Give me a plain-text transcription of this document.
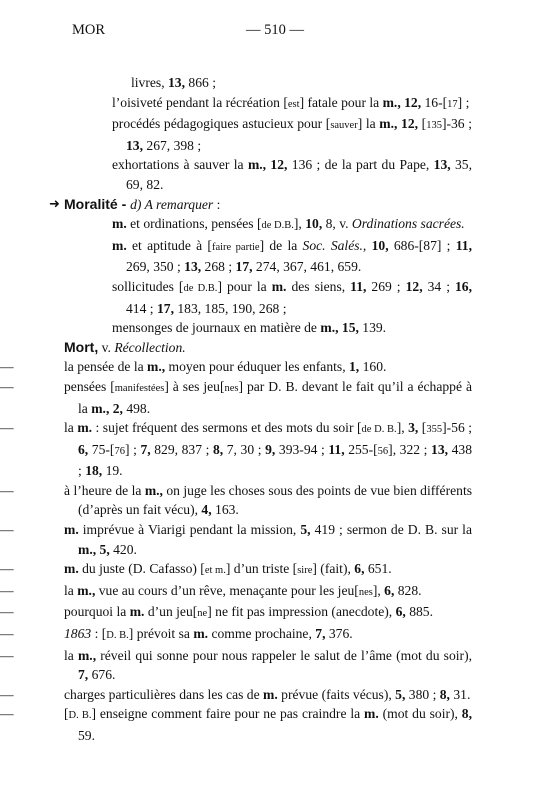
MOR	— 510 —
livres, 13, 866 ;
l’oisiveté pendant la récréation [est] fatale pour la m., 12, 16-[17] ;
procédés pédagogiques astucieux pour [sauver] la m., 12, [135]-36 ; 13, 267, 398 ;
exhortations à sauver la m., 12, 136 ; de la part du Pape, 13, 35, 69, 82.
➜ Moralité - d) A remarquer :
m. et ordinations, pensées [de D.B.], 10, 8, v. Ordinations sacrées.
m. et aptitude à [faire partie] de la Soc. Salés., 10, 686-[87] ; 11, 269, 350 ; 13, 268 ; 17, 274, 367, 461, 659.
sollicitudes [de D.B.] pour la m. des siens, 11, 269 ; 12, 34 ; 16, 414 ; 17, 183, 185, 190, 268 ;
mensonges de journaux en matière de m., 15, 139.
Mort, v. Récollection.
—	la pensée de la m., moyen pour éduquer les enfants, 1, 160.
—	pensées [manifestées] à ses jeu[nes] par D. B. devant le fait qu’il a échappé à la m., 2, 498.
—	la m. : sujet fréquent des sermons et des mots du soir [de D. B.], 3, [355]-56 ; 6, 75-[76] ; 7, 829, 837 ; 8, 7, 30 ; 9, 393-94 ; 11, 255-[56], 322 ; 13, 438 ; 18, 19.
—	à l’heure de la m., on juge les choses sous des points de vue bien différents (d’après un fait vécu), 4, 163.
—	m. imprévue à Viarigi pendant la mission, 5, 419 ; sermon de D. B. sur la m., 5, 420.
—	m. du juste (D. Cafasso) [et m.] d’un triste [sire] (fait), 6, 651.
—	la m., vue au cours d’un rêve, menaçante pour les jeu[nes], 6, 828.
—	pourquoi la m. d’un jeu[ne] ne fit pas impression (anecdote), 6, 885.
—	1863 : [D. B.] prévoit sa m. comme prochaine, 7, 376.
—	la m., réveil qui sonne pour nous rappeler le salut de l’âme (mot du soir), 7, 676.
—	charges particulières dans les cas de m. prévue (faits vécus), 5, 380 ; 8, 31.
—	[D. B.] enseigne comment faire pour ne pas craindre la m. (mot du soir), 8, 59.
